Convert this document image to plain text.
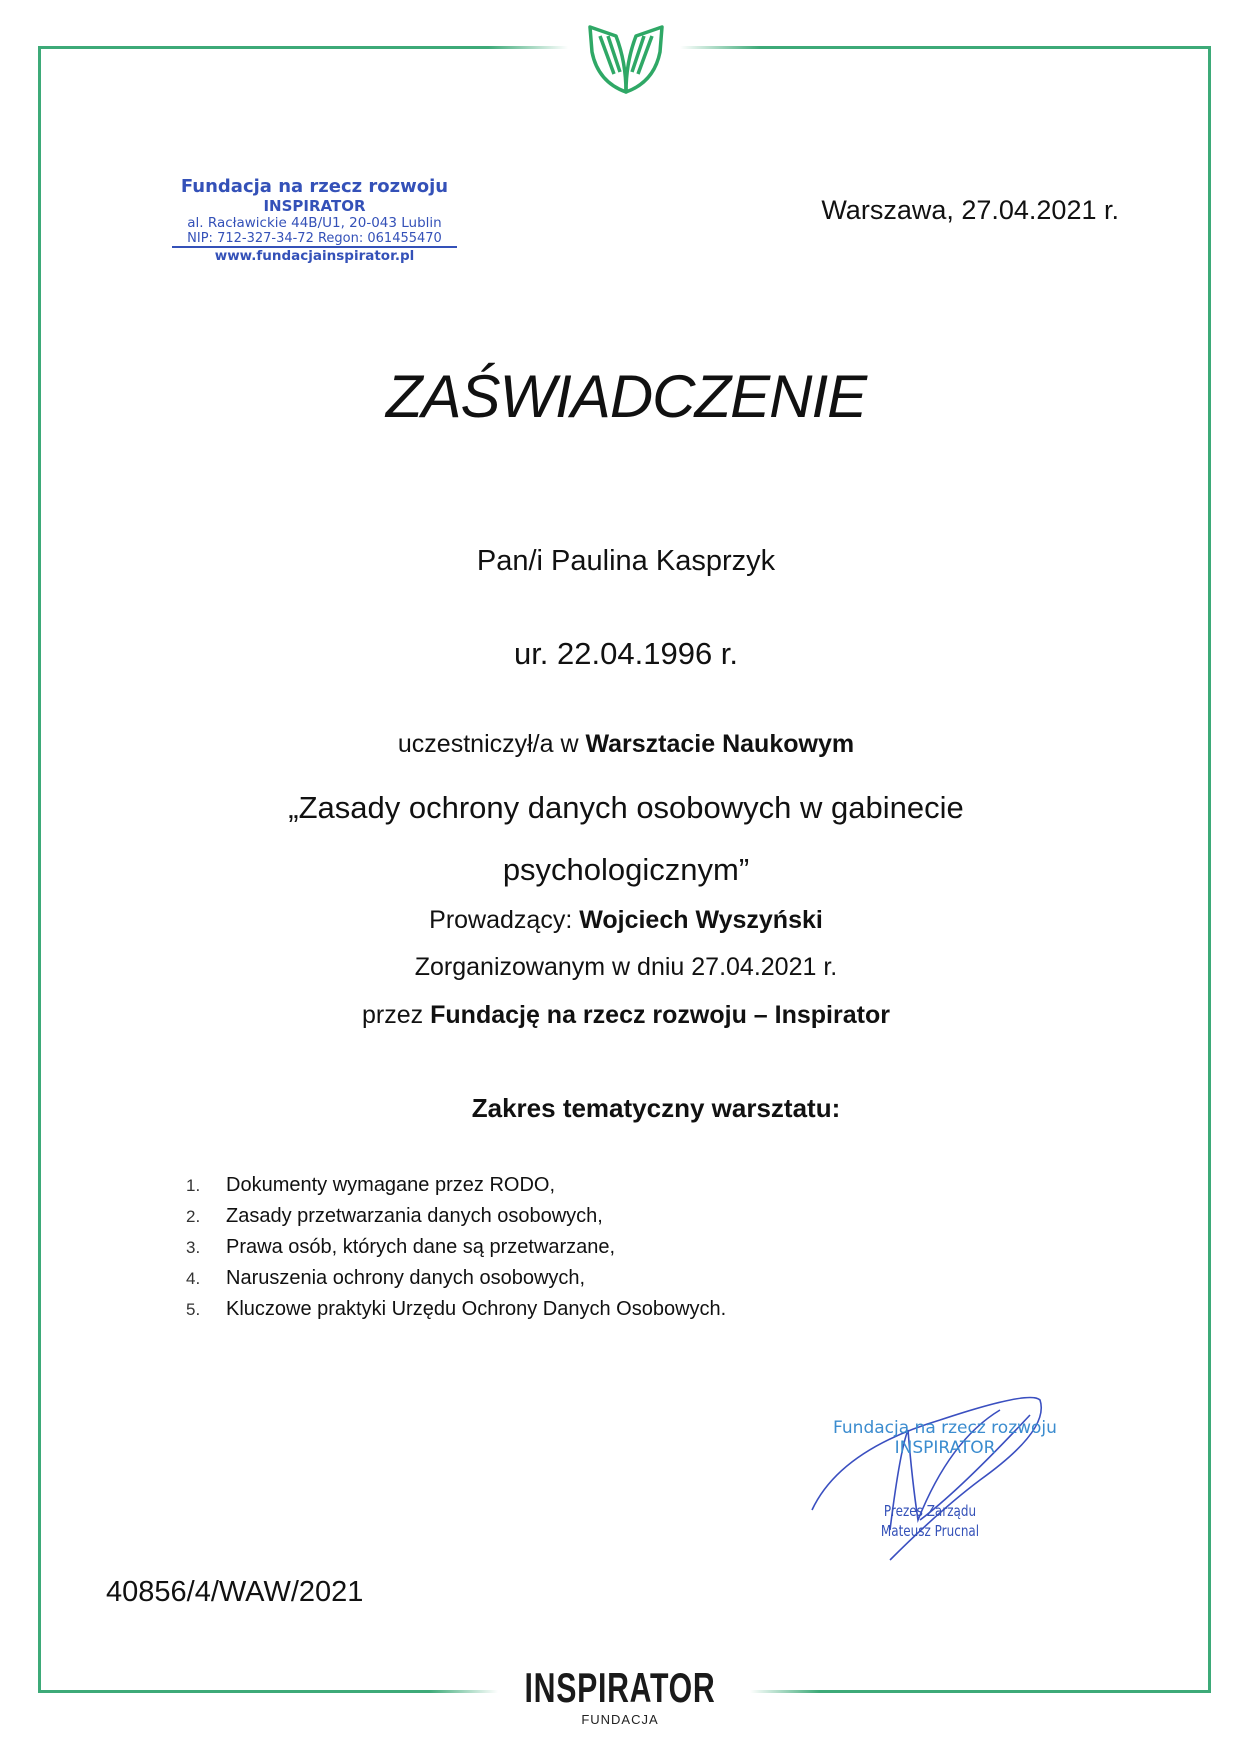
Fundacja na rzecz rozwoju
INSPIRATOR
al. Racławickie 44B/U1, 20-043 Lublin
NIP: 712-327-34-72 Regon: 061455470
www.fundacjainspirator.pl
Warszawa, 27.04.2021 r.
ZAŚWIADCZENIE
Pan/i Paulina Kasprzyk
ur. 22.04.1996 r.
uczestniczył/a w Warsztacie Naukowym
„Zasady ochrony danych osobowych w gabinecie
psychologicznym”
Prowadzący: Wojciech Wyszyński
Zorganizowanym w dniu 27.04.2021 r.
przez Fundację na rzecz rozwoju – Inspirator
Zakres tematyczny warsztatu:
1. Dokumenty wymagane przez RODO,
2. Zasady przetwarzania danych osobowych,
3. Prawa osób, których dane są przetwarzane,
4. Naruszenia ochrony danych osobowych,
5. Kluczowe praktyki Urzędu Ochrony Danych Osobowych.
Fundacja na rzecz rozwoju
INSPIRATOR
Prezes Zarządu
Mateusz Prucnal
40856/4/WAW/2021
INSPIRATOR
FUNDACJA
